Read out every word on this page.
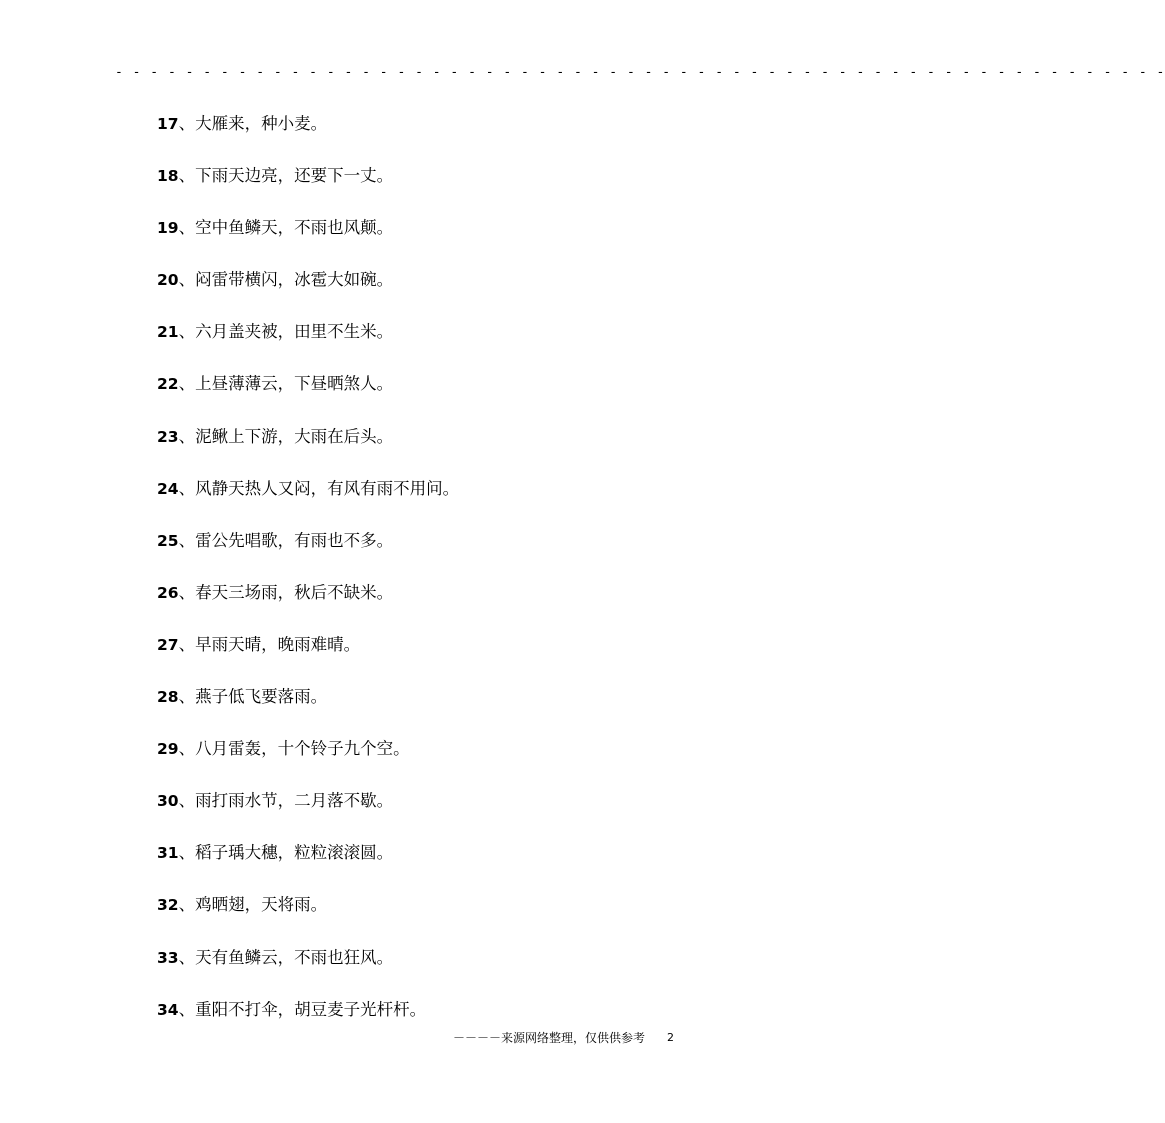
- - - - - - - - - - - - - - - - - - - - - - - - - - - - - - - - - - - - - - - - - - - - - - - - - - - - - - - - - - - -
17、大雁来，种小麦。
18、下雨天边亮，还要下一丈。
19、空中鱼鳞天，不雨也风颠。
20、闷雷带横闪，冰雹大如碗。
21、六月盖夹被，田里不生米。
22、上昼薄薄云，下昼晒煞人。
23、泥鳅上下游，大雨在后头。
24、风静天热人又闷，有风有雨不用问。
25、雷公先唱歌，有雨也不多。
26、春天三场雨，秋后不缺米。
27、早雨天晴，晚雨难晴。
28、燕子低飞要落雨。
29、八月雷轰，十个铃子九个空。
30、雨打雨水节，二月落不歇。
31、稻子瑀大穗，粒粒滚滚圆。
32、鸡晒翅，天将雨。
33、天有鱼鳞云，不雨也狂风。
34、重阳不打伞，胡豆麦子光杆杆。
－－－－来源网络整理，仅供供参考 2
